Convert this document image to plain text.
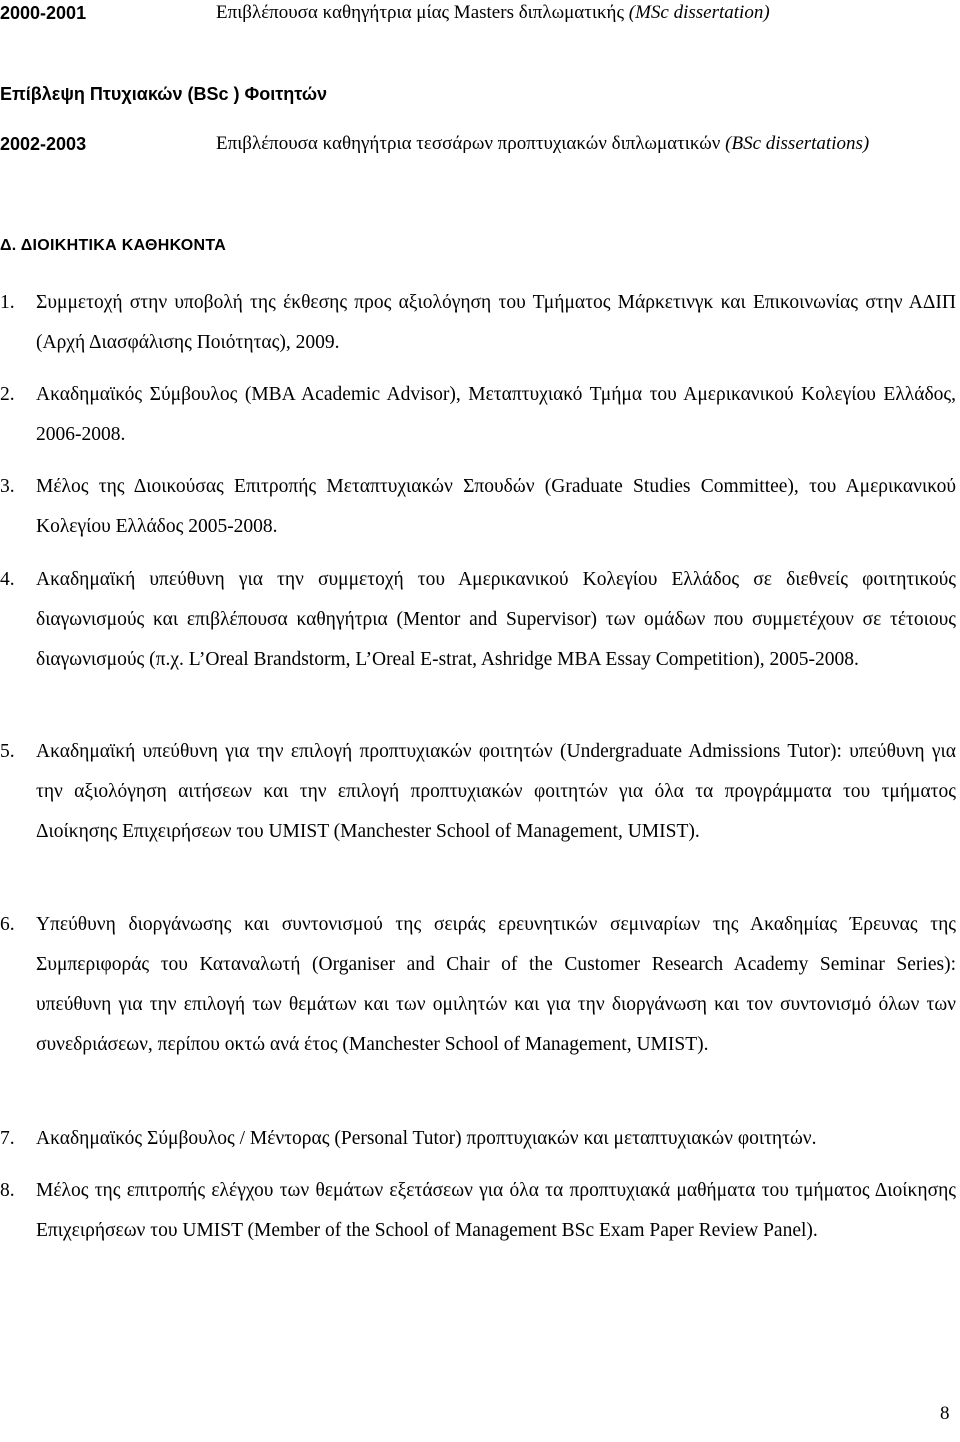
2000-2001	Επιβλέπουσα καθηγήτρια μίας Masters διπλωματικής (MSc dissertation)
Επίβλεψη Πτυχιακών (BSc ) Φοιτητών
2002-2003	Επιβλέπουσα καθηγήτρια τεσσάρων προπτυχιακών διπλωματικών (BSc dissertations)
Δ. ΔΙΟΙΚΗΤΙΚΑ ΚΑΘΗΚΟΝΤΑ
1. Συμμετοχή στην υποβολή της έκθεσης προς αξιολόγηση του Τμήματος Μάρκετινγκ και Επικοινωνίας στην ΑΔΙΠ (Αρχή Διασφάλισης Ποιότητας), 2009.
2. Ακαδημαϊκός Σύμβουλος (MBA Academic Advisor), Μεταπτυχιακό Τμήμα του Αμερικανικού Κολεγίου Ελλάδος, 2006-2008.
3. Μέλος της Διοικούσας Επιτροπής Μεταπτυχιακών Σπουδών (Graduate Studies Committee), του Αμερικανικού Κολεγίου Ελλάδος 2005-2008.
4. Ακαδημαϊκή υπεύθυνη για την συμμετοχή του Αμερικανικού Κολεγίου Ελλάδος σε διεθνείς φοιτητικούς διαγωνισμούς και επιβλέπουσα καθηγήτρια (Mentor and Supervisor) των ομάδων που συμμετέχουν σε τέτοιους διαγωνισμούς (π.χ. L’Oreal Brandstorm, L’Oreal E-strat, Ashridge MBA Essay Competition), 2005-2008.
5. Ακαδημαϊκή υπεύθυνη για την επιλογή προπτυχιακών φοιτητών (Undergraduate Admissions Tutor): υπεύθυνη για την αξιολόγηση αιτήσεων και την επιλογή προπτυχιακών φοιτητών για όλα τα προγράμματα του τμήματος Διοίκησης Επιχειρήσεων του UMIST (Manchester School of Management, UMIST).
6. Υπεύθυνη διοργάνωσης και συντονισμού της σειράς ερευνητικών σεμιναρίων της Ακαδημίας Έρευνας της Συμπεριφοράς του Καταναλωτή (Organiser and Chair of the Customer Research Academy Seminar Series): υπεύθυνη για την επιλογή των θεμάτων και των ομιλητών και για την διοργάνωση και τον συντονισμό όλων των συνεδριάσεων, περίπου οκτώ ανά έτος (Manchester School of Management, UMIST).
7. Ακαδημαϊκός Σύμβουλος / Μέντορας (Personal Tutor) προπτυχιακών και μεταπτυχιακών φοιτητών.
8. Μέλος της επιτροπής ελέγχου των θεμάτων εξετάσεων για όλα τα προπτυχιακά μαθήματα του τμήματος Διοίκησης Επιχειρήσεων του UMIST (Member of the School of Management BSc Exam Paper Review Panel).
8
